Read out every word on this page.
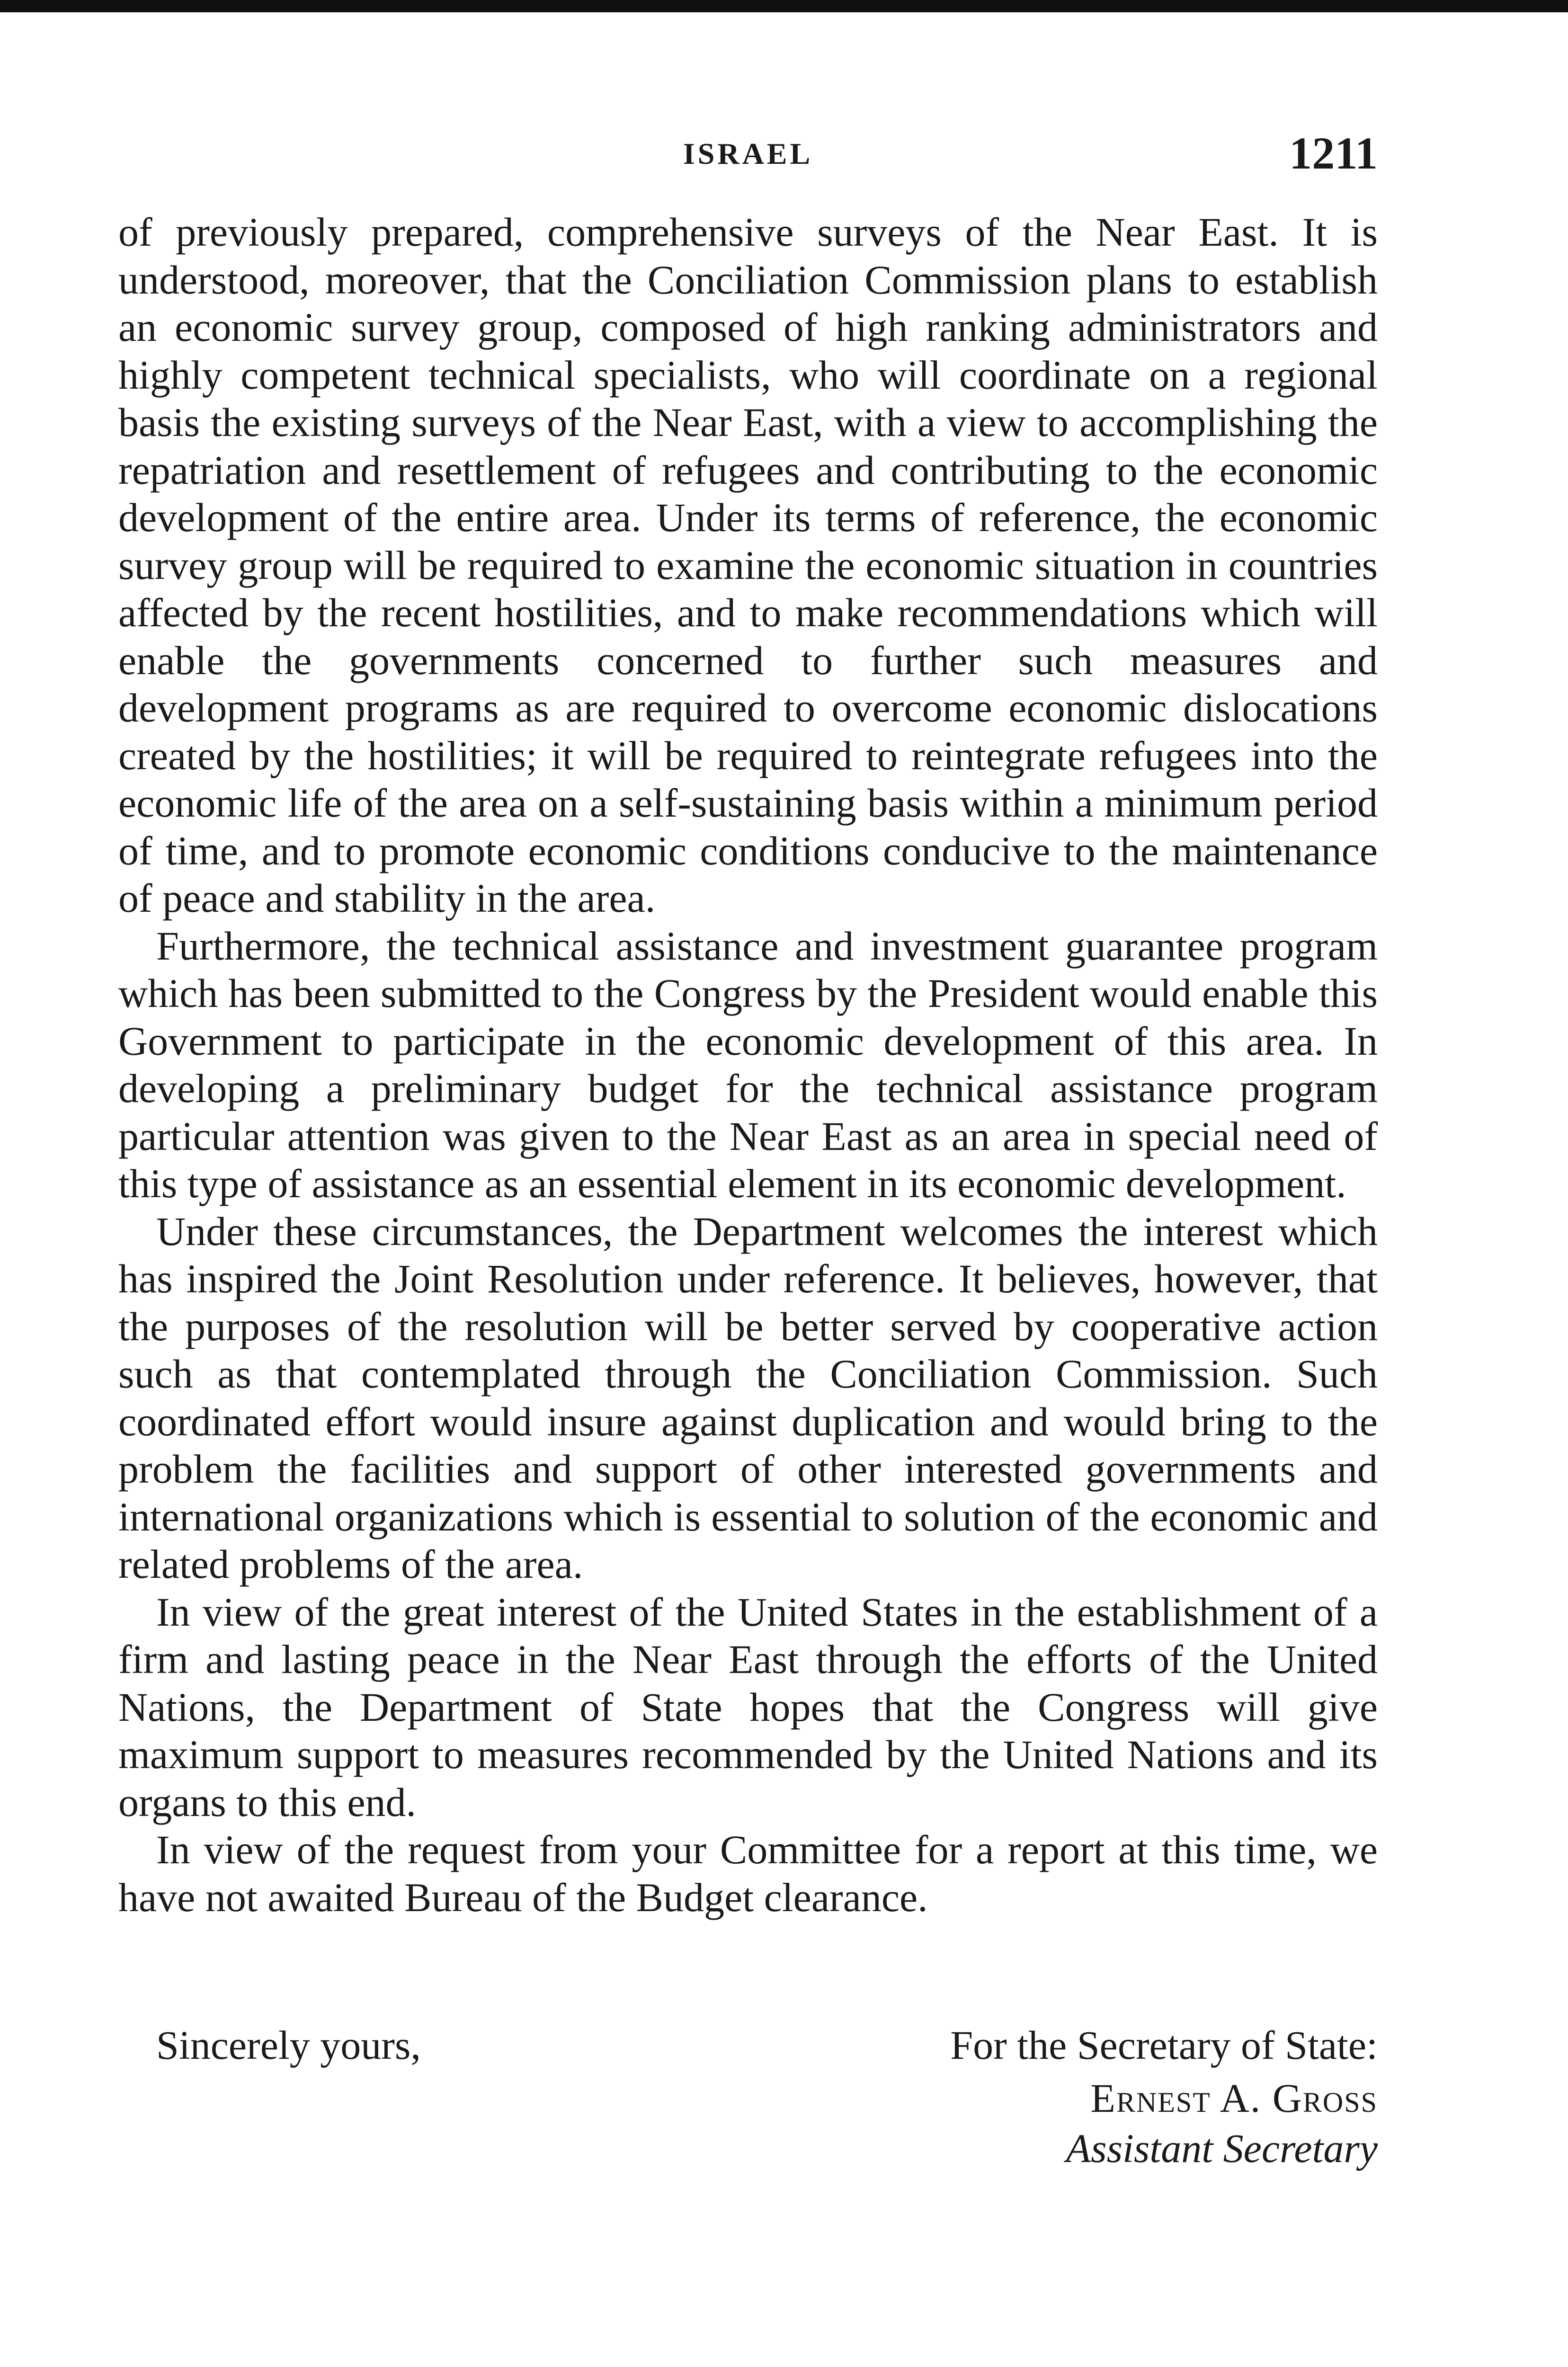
ISRAEL	1211

of previously prepared, comprehensive surveys of the Near East. It is understood, moreover, that the Conciliation Commission plans to establish an economic survey group, composed of high ranking administrators and highly competent technical specialists, who will coordinate on a regional basis the existing surveys of the Near East, with a view to accomplishing the repatriation and resettlement of refugees and contributing to the economic development of the entire area. Under its terms of reference, the economic survey group will be required to examine the economic situation in countries affected by the recent hostilities, and to make recommendations which will enable the governments concerned to further such measures and development programs as are required to overcome economic dislocations created by the hostilities; it will be required to reintegrate refugees into the economic life of the area on a self-sustaining basis within a minimum period of time, and to promote economic conditions conducive to the maintenance of peace and stability in the area.

Furthermore, the technical assistance and investment guarantee program which has been submitted to the Congress by the President would enable this Government to participate in the economic development of this area. In developing a preliminary budget for the technical assistance program particular attention was given to the Near East as an area in special need of this type of assistance as an essential element in its economic development.

Under these circumstances, the Department welcomes the interest which has inspired the Joint Resolution under reference. It believes, however, that the purposes of the resolution will be better served by cooperative action such as that contemplated through the Conciliation Commission. Such coordinated effort would insure against duplication and would bring to the problem the facilities and support of other interested governments and international organizations which is essential to solution of the economic and related problems of the area.

In view of the great interest of the United States in the establishment of a firm and lasting peace in the Near East through the efforts of the United Nations, the Department of State hopes that the Congress will give maximum support to measures recommended by the United Nations and its organs to this end.

In view of the request from your Committee for a report at this time, we have not awaited Bureau of the Budget clearance.

Sincerely yours,	For the Secretary of State:
Ernest A. Gross
Assistant Secretary
